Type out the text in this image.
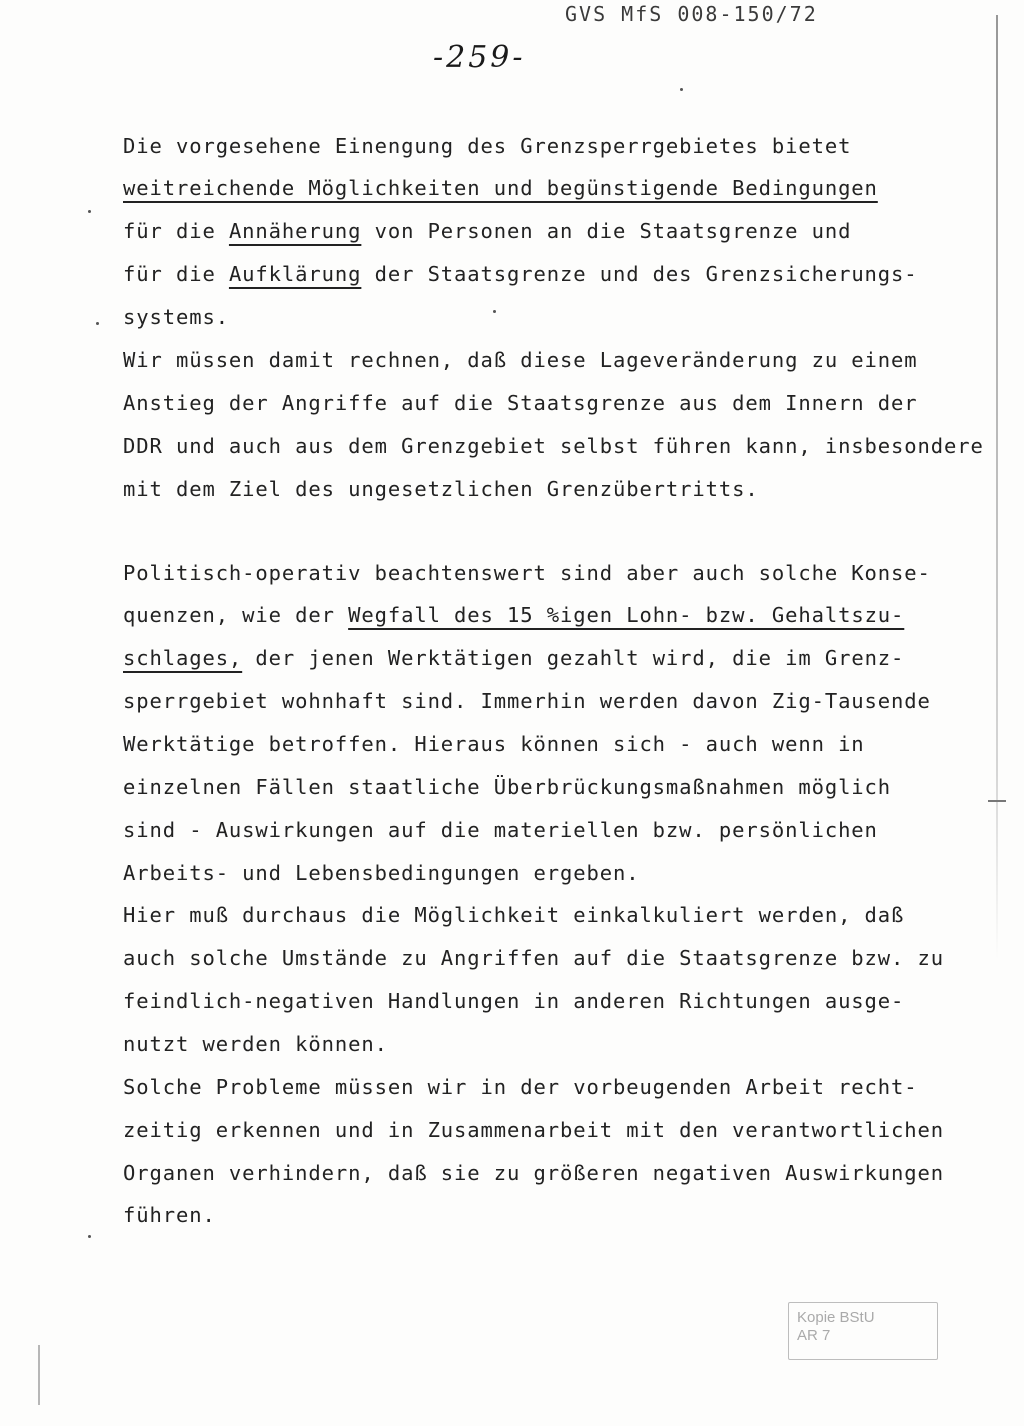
GVS MfS 008-150/72
-259-
Die vorgesehene Einengung des Grenzsperrgebietes bietet
weitreichende Möglichkeiten und begünstigende Bedingungen
für die Annäherung von Personen an die Staatsgrenze und
für die Aufklärung der Staatsgrenze und des Grenzsicherungs-
systems.
Wir müssen damit rechnen, daß diese Lageveränderung zu einem
Anstieg der Angriffe auf die Staatsgrenze aus dem Innern der
DDR und auch aus dem Grenzgebiet selbst führen kann, insbesondere
mit dem Ziel des ungesetzlichen Grenzübertritts.
Politisch-operativ beachtenswert sind aber auch solche Konse-
quenzen, wie der Wegfall des 15 %igen Lohn- bzw. Gehaltszu-
schlages, der jenen Werktätigen gezahlt wird, die im Grenz-
sperrgebiet wohnhaft sind. Immerhin werden davon Zig-Tausende
Werktätige betroffen. Hieraus können sich - auch wenn in
einzelnen Fällen staatliche Überbrückungsmaßnahmen möglich
sind - Auswirkungen auf die materiellen bzw. persönlichen
Arbeits- und Lebensbedingungen ergeben.
Hier muß durchaus die Möglichkeit einkalkuliert werden, daß
auch solche Umstände zu Angriffen auf die Staatsgrenze bzw. zu
feindlich-negativen Handlungen in anderen Richtungen ausge-
nutzt werden können.
Solche Probleme müssen wir in der vorbeugenden Arbeit recht-
zeitig erkennen und in Zusammenarbeit mit den verantwortlichen
Organen verhindern, daß sie zu größeren negativen Auswirkungen
führen.
Kopie BStU
AR 7
